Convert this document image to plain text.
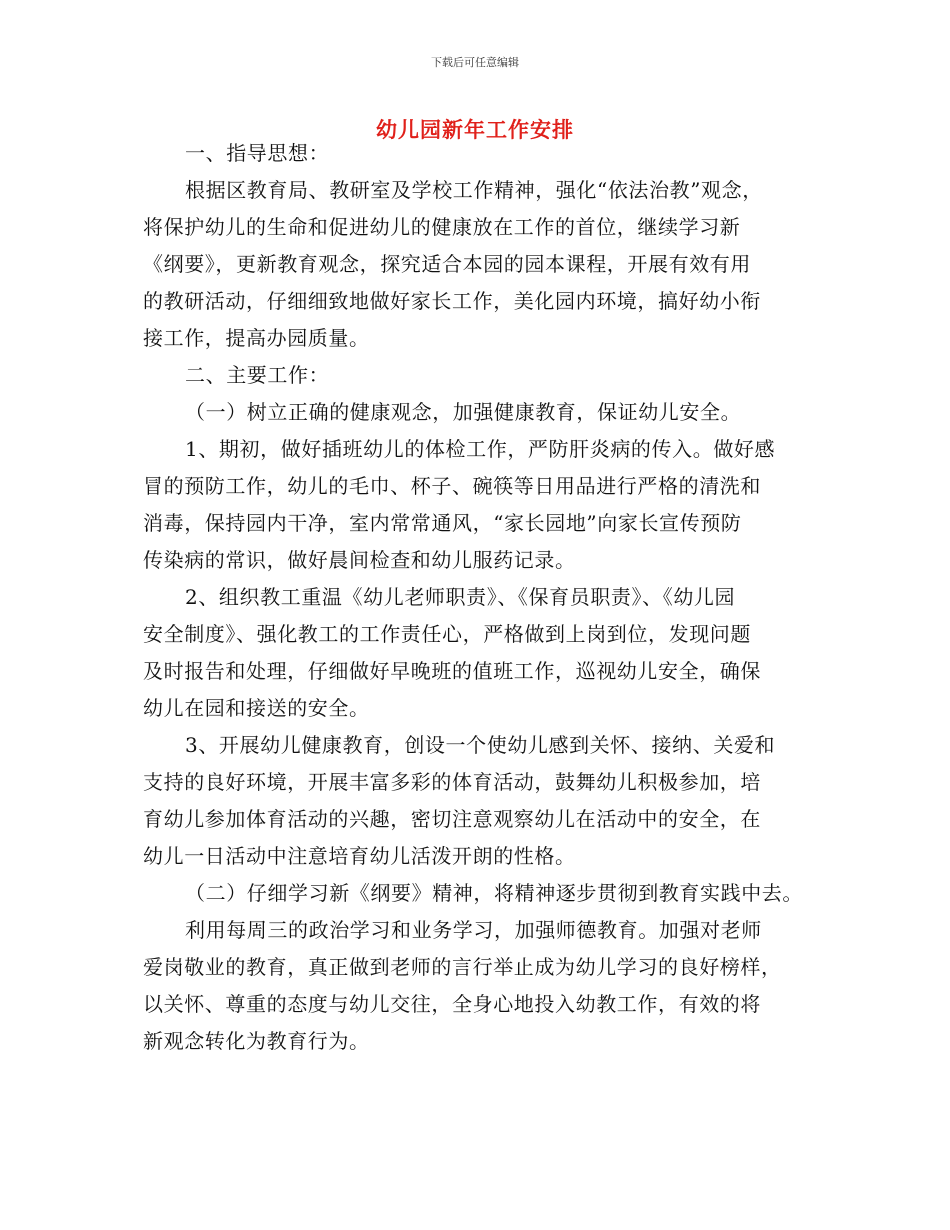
下载后可任意编辑
幼儿园新年工作安排

一、指导思想：

根据区教育局、教研室及学校工作精神，强化“依法治教”观念，

将保护幼儿的生命和促进幼儿的健康放在工作的首位，继续学习新

《纲要》，更新教育观念，探究适合本园的园本课程，开展有效有用

的教研活动，仔细细致地做好家长工作，美化园内环境，搞好幼小衔

接工作，提高办园质量。

二、主要工作：

（一）树立正确的健康观念，加强健康教育，保证幼儿安全。

1、期初，做好插班幼儿的体检工作，严防肝炎病的传入。做好感

冒的预防工作，幼儿的毛巾、杯子、碗筷等日用品进行严格的清洗和

消毒，保持园内干净，室内常常通风，“家长园地”向家长宣传预防

传染病的常识，做好晨间检查和幼儿服药记录。

2、组织教工重温《幼儿老师职责》、《保育员职责》、《幼儿园

安全制度》、强化教工的工作责任心，严格做到上岗到位，发现问题

及时报告和处理，仔细做好早晚班的值班工作，巡视幼儿安全，确保

幼儿在园和接送的安全。

3、开展幼儿健康教育，创设一个使幼儿感到关怀、接纳、关爱和

支持的良好环境，开展丰富多彩的体育活动，鼓舞幼儿积极参加，培

育幼儿参加体育活动的兴趣，密切注意观察幼儿在活动中的安全，在

幼儿一日活动中注意培育幼儿活泼开朗的性格。

（二）仔细学习新《纲要》精神，将精神逐步贯彻到教育实践中去。

利用每周三的政治学习和业务学习，加强师德教育。加强对老师

爱岗敬业的教育，真正做到老师的言行举止成为幼儿学习的良好榜样，

以关怀、尊重的态度与幼儿交往，全身心地投入幼教工作，有效的将

新观念转化为教育行为。
